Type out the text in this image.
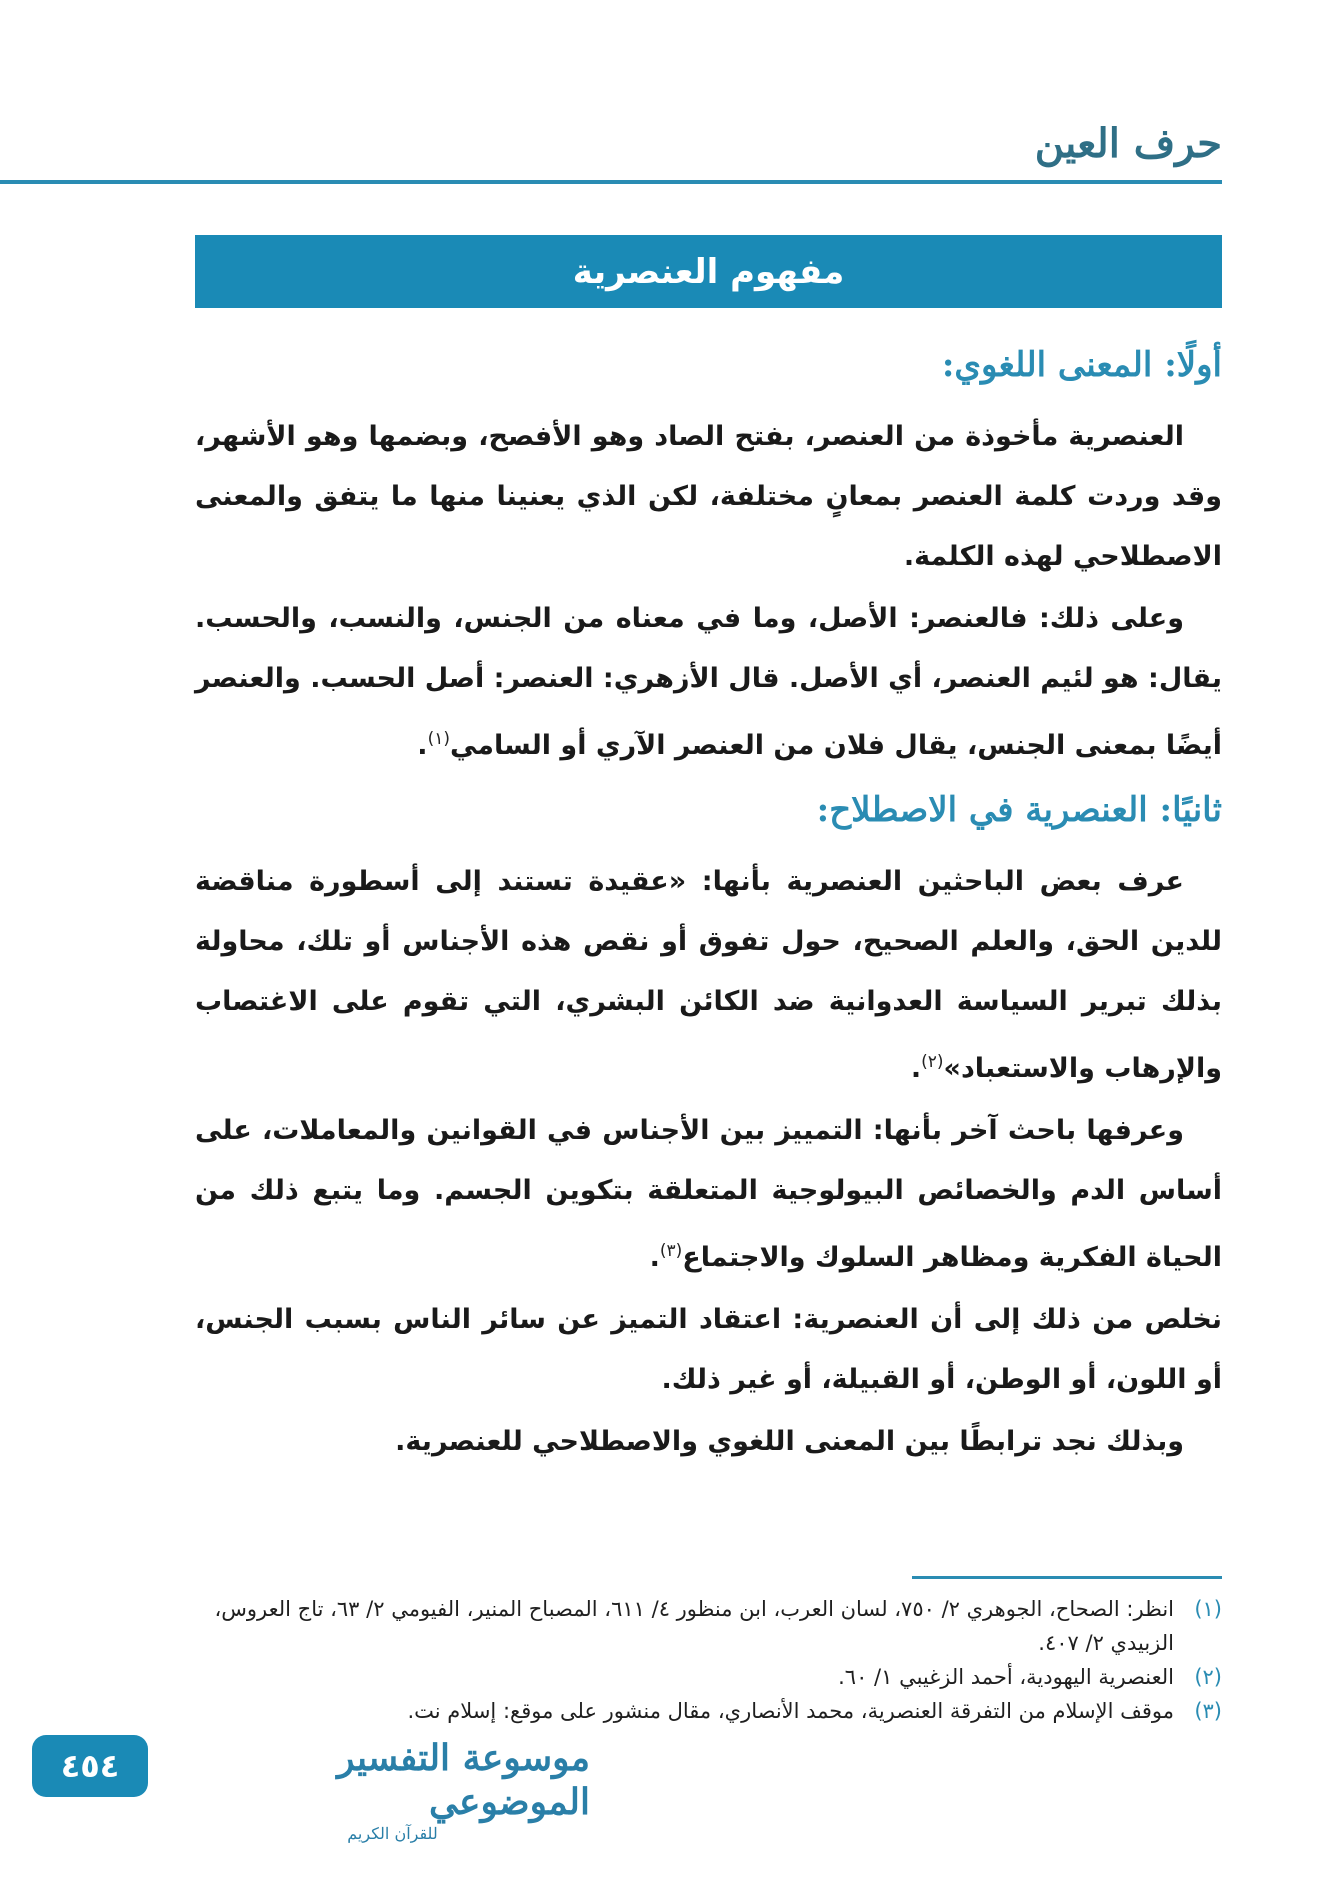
حرف العين
مفهوم العنصرية
أولًا: المعنى اللغوي:

العنصرية مأخوذة من العنصر، بفتح الصاد وهو الأفصح، وبضمها وهو الأشهر، وقد وردت كلمة العنصر بمعانٍ مختلفة، لكن الذي يعنينا منها ما يتفق والمعنى الاصطلاحي لهذه الكلمة.

وعلى ذلك: فالعنصر: الأصل، وما في معناه من الجنس، والنسب، والحسب. يقال: هو لئيم العنصر، أي الأصل. قال الأزهري: العنصر: أصل الحسب. والعنصر أيضًا بمعنى الجنس، يقال فلان من العنصر الآري أو السامي$^{(١)}$.

ثانيًا: العنصرية في الاصطلاح:

عرف بعض الباحثين العنصرية بأنها: «عقيدة تستند إلى أسطورة مناقضة للدين الحق، والعلم الصحيح، حول تفوق أو نقص هذه الأجناس أو تلك، محاولة بذلك تبرير السياسة العدوانية ضد الكائن البشري، التي تقوم على الاغتصاب والإرهاب والاستعباد»$^{(٢)}$.

وعرفها باحث آخر بأنها: التمييز بين الأجناس في القوانين والمعاملات، على أساس الدم والخصائص البيولوجية المتعلقة بتكوين الجسم. وما يتبع ذلك من الحياة الفكرية ومظاهر السلوك والاجتماع$^{(٣)}$.

نخلص من ذلك إلى أن العنصرية: اعتقاد التميز عن سائر الناس بسبب الجنس، أو اللون، أو الوطن، أو القبيلة، أو غير ذلك.

وبذلك نجد ترابطًا بين المعنى اللغوي والاصطلاحي للعنصرية.

(١)
انظر: الصحاح، الجوهري ٢/ ٧٥٠، لسان العرب، ابن منظور ٤/ ٦١١، المصباح المنير، الفيومي ٢/ ٦٣، تاج العروس، الزبيدي ٢/ ٤٠٧.
(٢)
العنصرية اليهودية، أحمد الزغيبي ١/ ٦٠.
(٣)
موقف الإسلام من التفرقة العنصرية، محمد الأنصاري، مقال منشور على موقع: إسلام نت.
موسوعة التفسير الموضوعي
للقرآن الكريم
٤٥٤
